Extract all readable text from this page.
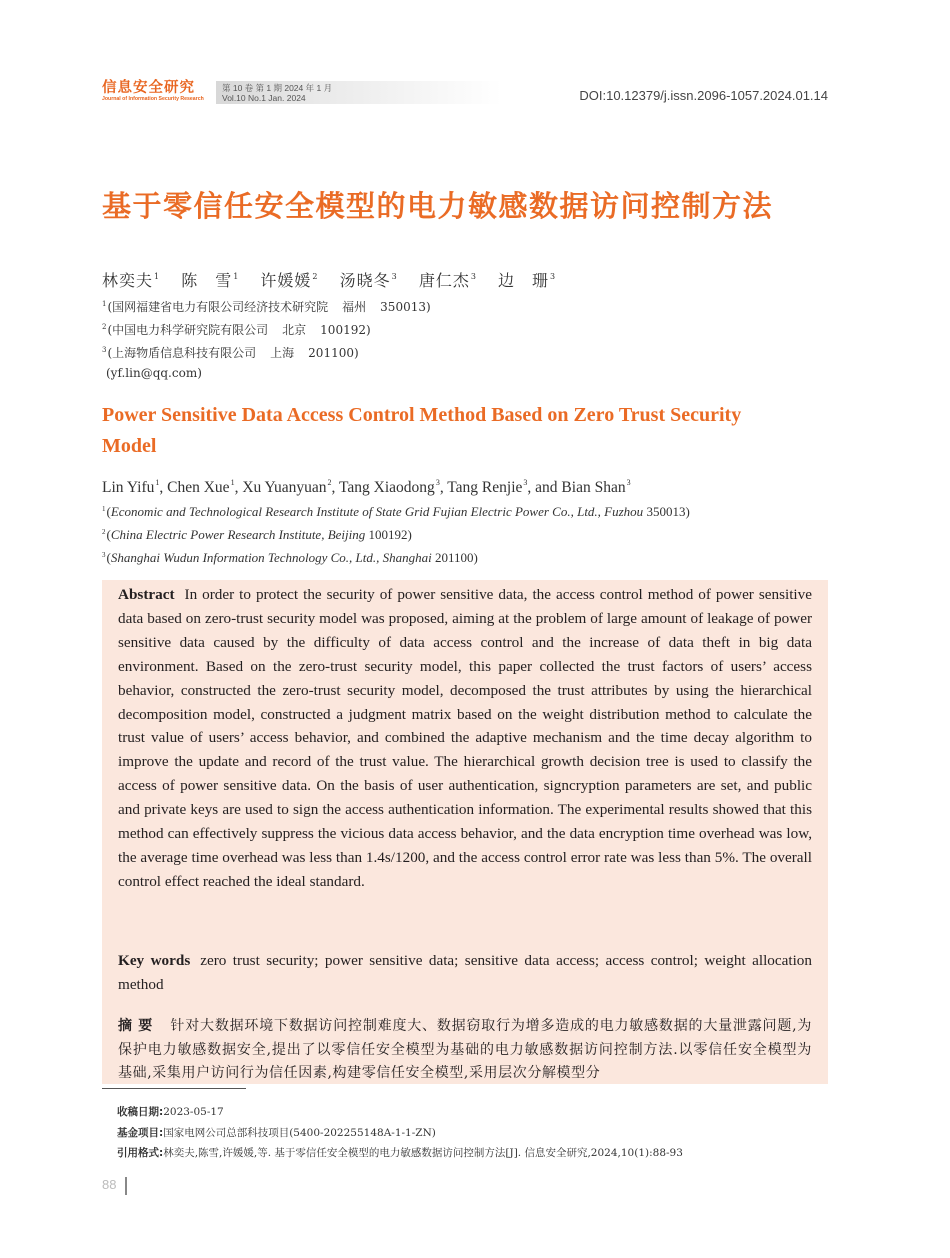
信息安全研究
Journal of Information Security Research
第 10 卷 第 1 期 2024 年 1 月
Vol.10 No.1 Jan. 2024	DOI:10.12379/j.issn.2096-1057.2024.01.14
基于零信任安全模型的电力敏感数据访问控制方法
林奕夫$^1$ 陈　雪$^1$ 许媛媛$^2$ 汤晓冬$^3$ 唐仁杰$^3$ 边　珊$^3$
$^1$(国网福建省电力有限公司经济技术研究院 福州 350013)
$^2$(中国电力科学研究院有限公司 北京 100192)
$^3$(上海物盾信息科技有限公司 上海 201100)
(yf.lin@qq.com)
Power Sensitive Data Access Control Method Based on Zero Trust Security Model
Lin Yifu$^1$, Chen Xue$^1$, Xu Yuanyuan$^2$, Tang Xiaodong$^3$, Tang Renjie$^3$, and Bian Shan$^3$
$^1$(Economic and Technological Research Institute of State Grid Fujian Electric Power Co., Ltd., Fuzhou 350013)
$^2$(China Electric Power Research Institute, Beijing 100192)
$^3$(Shanghai Wudun Information Technology Co., Ltd., Shanghai 201100)
Abstract In order to protect the security of power sensitive data, the access control method of power sensitive data based on zero-trust security model was proposed, aiming at the problem of large amount of leakage of power sensitive data caused by the difficulty of data access control and the increase of data theft in big data environment. Based on the zero-trust security model, this paper collected the trust factors of users’ access behavior, constructed the zero-trust security model, decomposed the trust attributes by using the hierarchical decomposition model, constructed a judgment matrix based on the weight distribution method to calculate the trust value of users’ access behavior, and combined the adaptive mechanism and the time decay algorithm to improve the update and record of the trust value. The hierarchical growth decision tree is used to classify the access of power sensitive data. On the basis of user authentication, signcryption parameters are set, and public and private keys are used to sign the access authentication information. The experimental results showed that this method can effectively suppress the vicious data access behavior, and the data encryption time overhead was low, the average time overhead was less than 1.4s/1200, and the access control error rate was less than 5%. The overall control effect reached the ideal standard.
Key words zero trust security; power sensitive data; sensitive data access; access control; weight allocation method
摘要 针对大数据环境下数据访问控制难度大、数据窃取行为增多造成的电力敏感数据的大量泄露问题,为保护电力敏感数据安全,提出了以零信任安全模型为基础的电力敏感数据访问控制方法.以零信任安全模型为基础,采集用户访问行为信任因素,构建零信任安全模型,采用层次分解模型分
收稿日期:2023-05-17
基金项目:国家电网公司总部科技项目(5400-202255148A-1-1-ZN)
引用格式:林奕夫,陈雪,许媛媛,等. 基于零信任安全模型的电力敏感数据访问控制方法[J]. 信息安全研究,2024,10(1):88-93
88
